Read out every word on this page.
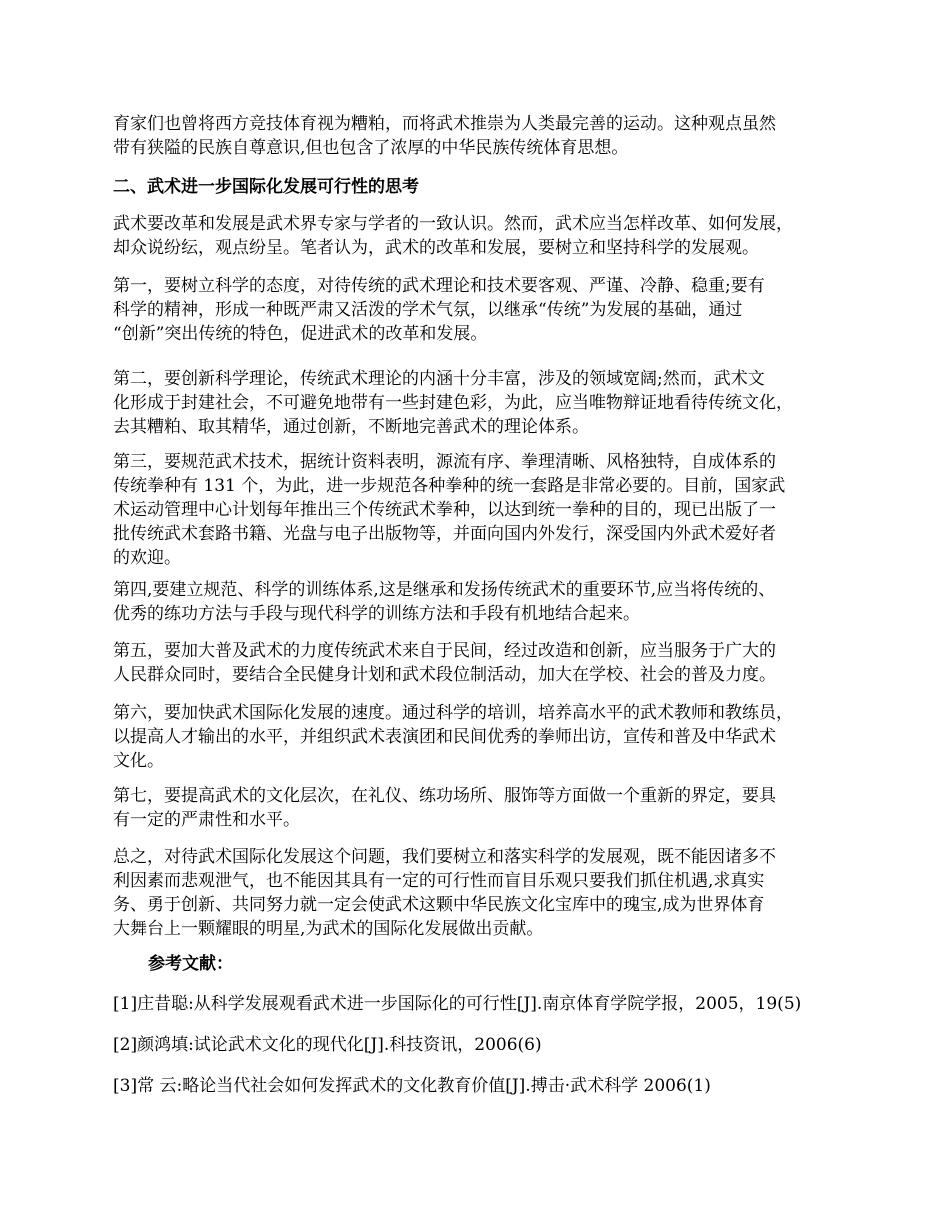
育家们也曾将西方竞技体育视为糟粕，而将武术推崇为人类最完善的运动。这种观点虽然
带有狭隘的民族自尊意识,但也包含了浓厚的中华民族传统体育思想。
二、武术进一步国际化发展可行性的思考
武术要改革和发展是武术界专家与学者的一致认识。然而，武术应当怎样改革、如何发展，
却众说纷纭，观点纷呈。笔者认为，武术的改革和发展，要树立和坚持科学的发展观。
第一，要树立科学的态度，对待传统的武术理论和技术要客观、严谨、冷静、稳重;要有
科学的精神，形成一种既严肃又活泼的学术气氛，以继承“传统”为发展的基础，通过
“创新”突出传统的特色，促进武术的改革和发展。
第二，要创新科学理论，传统武术理论的内涵十分丰富，涉及的领域宽阔;然而，武术文
化形成于封建社会，不可避免地带有一些封建色彩，为此，应当唯物辩证地看待传统文化，
去其糟粕、取其精华，通过创新，不断地完善武术的理论体系。
第三，要规范武术技术，据统计资料表明，源流有序、拳理清晰、风格独特，自成体系的
传统拳种有 131 个，为此，进一步规范各种拳种的统一套路是非常必要的。目前，国家武
术运动管理中心计划每年推出三个传统武术拳种，以达到统一拳种的目的，现已出版了一
批传统武术套路书籍、光盘与电子出版物等，并面向国内外发行，深受国内外武术爱好者
的欢迎。
第四,要建立规范、科学的训练体系,这是继承和发扬传统武术的重要环节,应当将传统的、
优秀的练功方法与手段与现代科学的训练方法和手段有机地结合起来。
第五，要加大普及武术的力度传统武术来自于民间，经过改造和创新，应当服务于广大的
人民群众同时，要结合全民健身计划和武术段位制活动，加大在学校、社会的普及力度。
第六，要加快武术国际化发展的速度。通过科学的培训，培养高水平的武术教师和教练员，
以提高人才输出的水平，并组织武术表演团和民间优秀的拳师出访，宣传和普及中华武术
文化。
第七，要提高武术的文化层次，在礼仪、练功场所、服饰等方面做一个重新的界定，要具
有一定的严肃性和水平。
总之，对待武术国际化发展这个问题，我们要树立和落实科学的发展观，既不能因诸多不
利因素而悲观泄气，也不能因其具有一定的可行性而盲目乐观只要我们抓住机遇,求真实
务、勇于创新、共同努力就一定会使武术这颗中华民族文化宝库中的瑰宝,成为世界体育
大舞台上一颗耀眼的明星,为武术的国际化发展做出贡献。
参考文献：
[1]庄昔聪:从科学发展观看武术进一步国际化的可行性[J].南京体育学院学报，2005，19(5)
[2]颜鸿填:试论武术文化的现代化[J].科技资讯，2006(6)
[3]常 云:略论当代社会如何发挥武术的文化教育价值[J].搏击·武术科学 2006(1)
